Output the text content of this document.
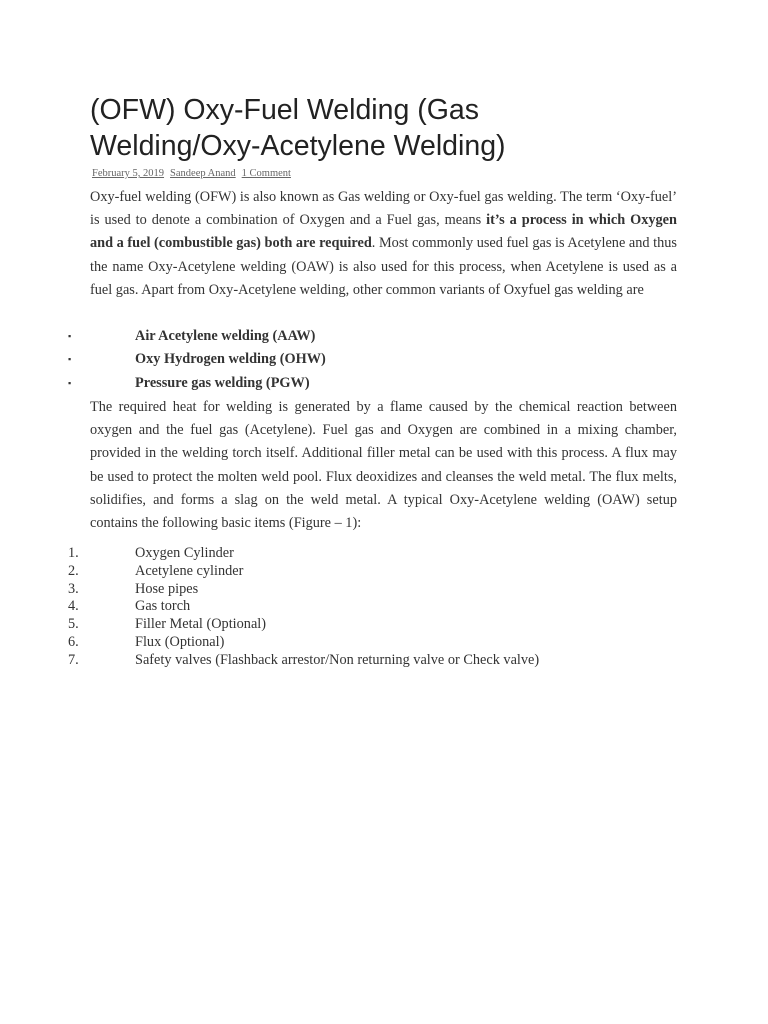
(OFW) Oxy-Fuel Welding (Gas
Welding/Oxy-Acetylene Welding)
February 5, 2019 Sandeep Anand 1 Comment

Oxy-fuel welding (OFW) is also known as Gas welding or Oxy-fuel gas welding. The term ‘Oxy-fuel’ is used to denote a combination of Oxygen and a Fuel gas, means it’s a process in which Oxygen and a fuel (combustible gas) both are required. Most commonly used fuel gas is Acetylene and thus the name Oxy-Acetylene welding (OAW) is also used for this process, when Acetylene is used as a fuel gas. Apart from Oxy-Acetylene welding, other common variants of Oxyfuel gas welding are

▪	Air Acetylene welding (AAW)
▪	Oxy Hydrogen welding (OHW)
▪	Pressure gas welding (PGW)

The required heat for welding is generated by a flame caused by the chemical reaction between oxygen and the fuel gas (Acetylene). Fuel gas and Oxygen are combined in a mixing chamber, provided in the welding torch itself. Additional filler metal can be used with this process. A flux may be used to protect the molten weld pool. Flux deoxidizes and cleanses the weld metal. The flux melts, solidifies, and forms a slag on the weld metal. A typical Oxy-Acetylene welding (OAW) setup contains the following basic items (Figure – 1):

1.	Oxygen Cylinder
2.	Acetylene cylinder
3.	Hose pipes
4.	Gas torch
5.	Filler Metal (Optional)
6.	Flux (Optional)
7.	Safety valves (Flashback arrestor/Non returning valve or Check valve)
